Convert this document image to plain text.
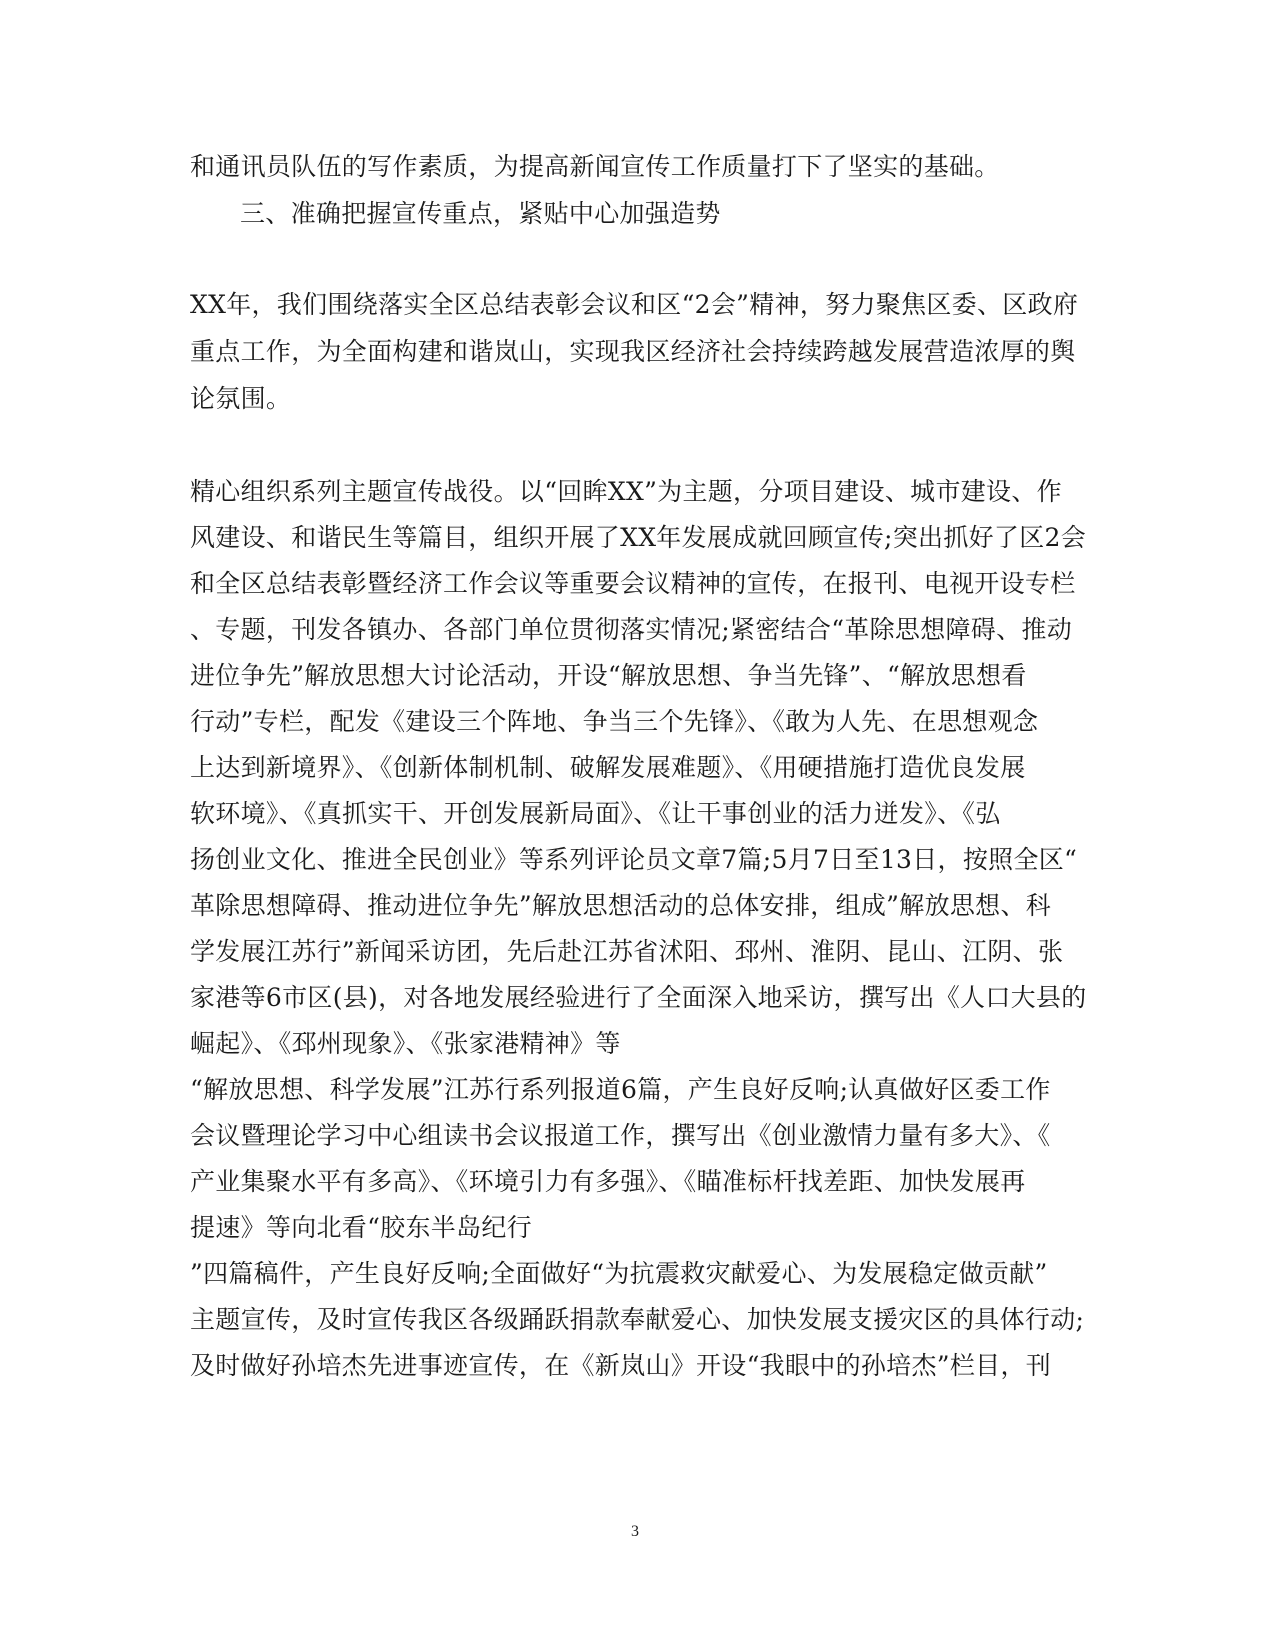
和通讯员队伍的写作素质，为提高新闻宣传工作质量打下了坚实的基础。
三、准确把握宣传重点，紧贴中心加强造势
XX年，我们围绕落实全区总结表彰会议和区“2会”精神，努力聚焦区委、区政府
重点工作，为全面构建和谐岚山，实现我区经济社会持续跨越发展营造浓厚的舆
论氛围。
精心组织系列主题宣传战役。以“回眸XX”为主题，分项目建设、城市建设、作
风建设、和谐民生等篇目，组织开展了XX年发展成就回顾宣传;突出抓好了区2会
和全区总结表彰暨经济工作会议等重要会议精神的宣传，在报刊、电视开设专栏
、专题，刊发各镇办、各部门单位贯彻落实情况;紧密结合“革除思想障碍、推动
进位争先”解放思想大讨论活动，开设“解放思想、争当先锋”、“解放思想看
行动”专栏，配发《建设三个阵地、争当三个先锋》、《敢为人先、在思想观念
上达到新境界》、《创新体制机制、破解发展难题》、《用硬措施打造优良发展
软环境》、《真抓实干、开创发展新局面》、《让干事创业的活力迸发》、《弘
扬创业文化、推进全民创业》等系列评论员文章7篇;5月7日至13日，按照全区“
革除思想障碍、推动进位争先”解放思想活动的总体安排，组成”解放思想、科
学发展江苏行”新闻采访团，先后赴江苏省沭阳、邳州、淮阴、昆山、江阴、张
家港等6市区(县)，对各地发展经验进行了全面深入地采访，撰写出《人口大县的
崛起》、《邳州现象》、《张家港精神》等
“解放思想、科学发展”江苏行系列报道6篇，产生良好反响;认真做好区委工作
会议暨理论学习中心组读书会议报道工作，撰写出《创业激情力量有多大》、《
产业集聚水平有多高》、《环境引力有多强》、《瞄准标杆找差距、加快发展再
提速》等向北看“胶东半岛纪行
”四篇稿件，产生良好反响;全面做好“为抗震救灾献爱心、为发展稳定做贡献”
主题宣传，及时宣传我区各级踊跃捐款奉献爱心、加快发展支援灾区的具体行动;
及时做好孙培杰先进事迹宣传，在《新岚山》开设“我眼中的孙培杰”栏目，刊
3
